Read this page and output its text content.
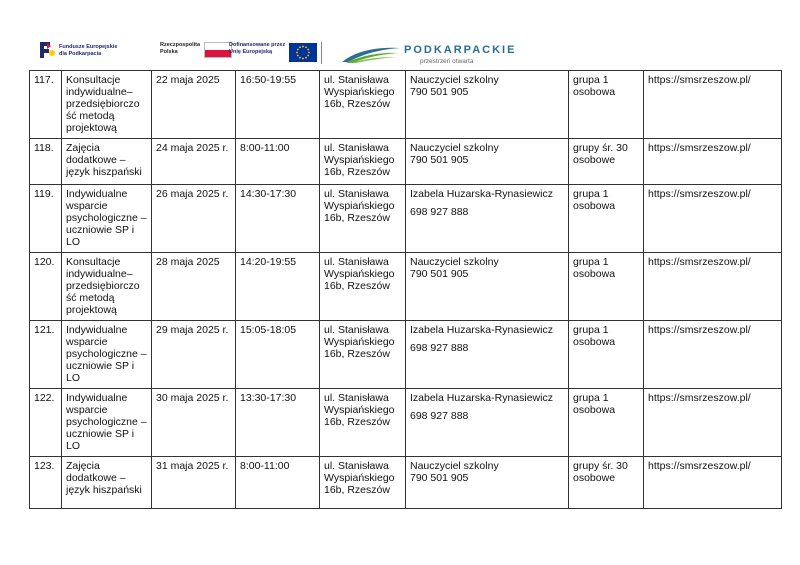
Fundusze Europejskie
dla Podkarpacia
Rzeczpospolita
Polska
Dofinansowane przez
Unię Europejską	PODKARPACKIE
przestrzeń otwarta
117.	Konsultacje indywidualne– przedsiębiorczo ść metodą projektową	22 maja 2025	16:50-19:55	ul. Stanisława Wyspiańskiego 16b, Rzeszów	Nauczyciel szkolny
790 501 905	grupa 1 osobowa	https://smsrzeszow.pl/
118.	Zajęcia dodatkowe – język hiszpański	24 maja 2025 r.	8:00-11:00	ul. Stanisława Wyspiańskiego 16b, Rzeszów	Nauczyciel szkolny
790 501 905	grupy śr. 30 osobowe	https://smsrzeszow.pl/
119.	Indywidualne wsparcie psychologiczne – uczniowie SP i LO	26 maja 2025 r.	14:30-17:30	ul. Stanisława Wyspiańskiego 16b, Rzeszów	Izabela Huzarska-Rynasiewicz
698 927 888	grupa 1 osobowa	https://smsrzeszow.pl/
120.	Konsultacje indywidualne– przedsiębiorczo ść metodą projektową	28 maja 2025	14:20-19:55	ul. Stanisława Wyspiańskiego 16b, Rzeszów	Nauczyciel szkolny
790 501 905	grupa 1 osobowa	https://smsrzeszow.pl/
121.	Indywidualne wsparcie psychologiczne – uczniowie SP i LO	29 maja 2025 r.	15:05-18:05	ul. Stanisława Wyspiańskiego 16b, Rzeszów	Izabela Huzarska-Rynasiewicz
698 927 888	grupa 1 osobowa	https://smsrzeszow.pl/
122.	Indywidualne wsparcie psychologiczne – uczniowie SP i LO	30 maja 2025 r.	13:30-17:30	ul. Stanisława Wyspiańskiego 16b, Rzeszów	Izabela Huzarska-Rynasiewicz
698 927 888	grupa 1 osobowa	https://smsrzeszow.pl/
123.	Zajęcia dodatkowe – język hiszpański	31 maja 2025 r.	8:00-11:00	ul. Stanisława Wyspiańskiego 16b, Rzeszów	Nauczyciel szkolny
790 501 905	grupy śr. 30 osobowe	https://smsrzeszow.pl/
